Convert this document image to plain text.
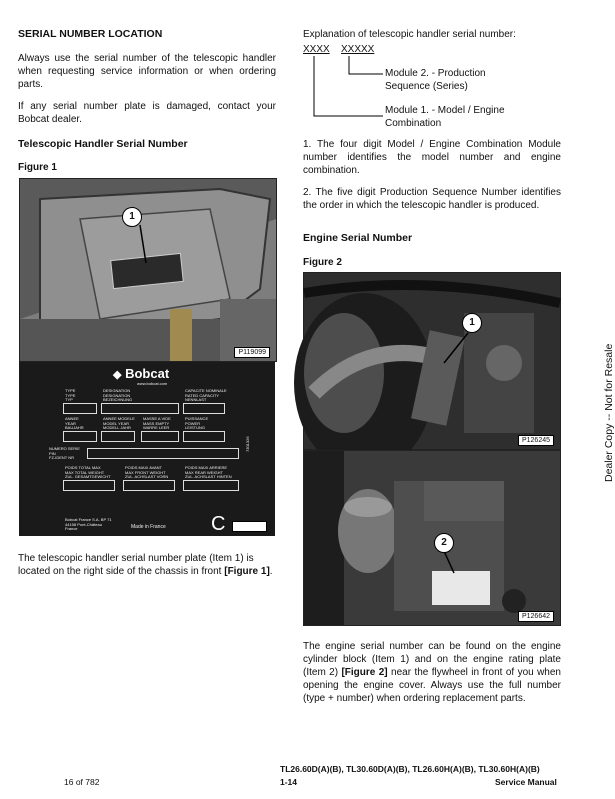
SERIAL NUMBER LOCATION
Always use the serial number of the telescopic handler when requesting service information or when ordering parts.
If any serial number plate is damaged, contact your Bobcat dealer.
Telescopic Handler Serial Number
Figure 1
1
P119099
◆ Bobcat
www.bobcat.com
TYPE
TYPE
TYP
DESIGNATION
DESIGNATION
BEZEICHNUNG
CAPACITE NOMINALE
RATED CAPACITY
NENNLAST
ANNEE
YEAR
BAUJAHR
ANNEE MODELE
MODEL YEAR
MODELL JAHR
MASSE A VIDE
MASS EMPTY
WARRE LEER
PUISSANCE
POWER
LEISTUNG
NUMERO SERIE
PIN
FZ-IDENT NR
POIDS TOTAL MAX
MAX TOTAL WEIGHT
ZUL. GESAMTGEWICHT
POIDS MAXI AVANT
MAX FRONT WEIGHT
ZUL. ACHSLAST VORN
POIDS MAXI ARRIERE
MAX REAR WEIGHT
ZUL. ACHSLAST HINTEN
Bobcat France S.A. BP 71
44158 Pont-Château
France	Made in France C
7301326
7301326
The telescopic handler serial number plate (Item 1) is located on the right side of the chassis in front [Figure 1].
Explanation of telescopic handler serial number:
XXXX XXXXX
Module 2. - Production Sequence (Series)
Module 1. - Model / Engine Combination
1. The four digit Model / Engine Combination Module number identifies the model number and engine combination.
2. The five digit Production Sequence Number identifies the order in which the telescopic handler is produced.
Engine Serial Number
Figure 2
1
P126245
2
P126642
The engine serial number can be found on the engine cylinder block (Item 1) and on the engine rating plate (Item 2) [Figure 2] near the flywheel in front of you when opening the engine cover. Always use the full number (type + number) when ordering replacement parts.
Dealer Copy -- Not for Resale
16 of 782
TL26.60D(A)(B), TL30.60D(A)(B), TL26.60H(A)(B), TL30.60H(A)(B)
1-14	Service Manual
